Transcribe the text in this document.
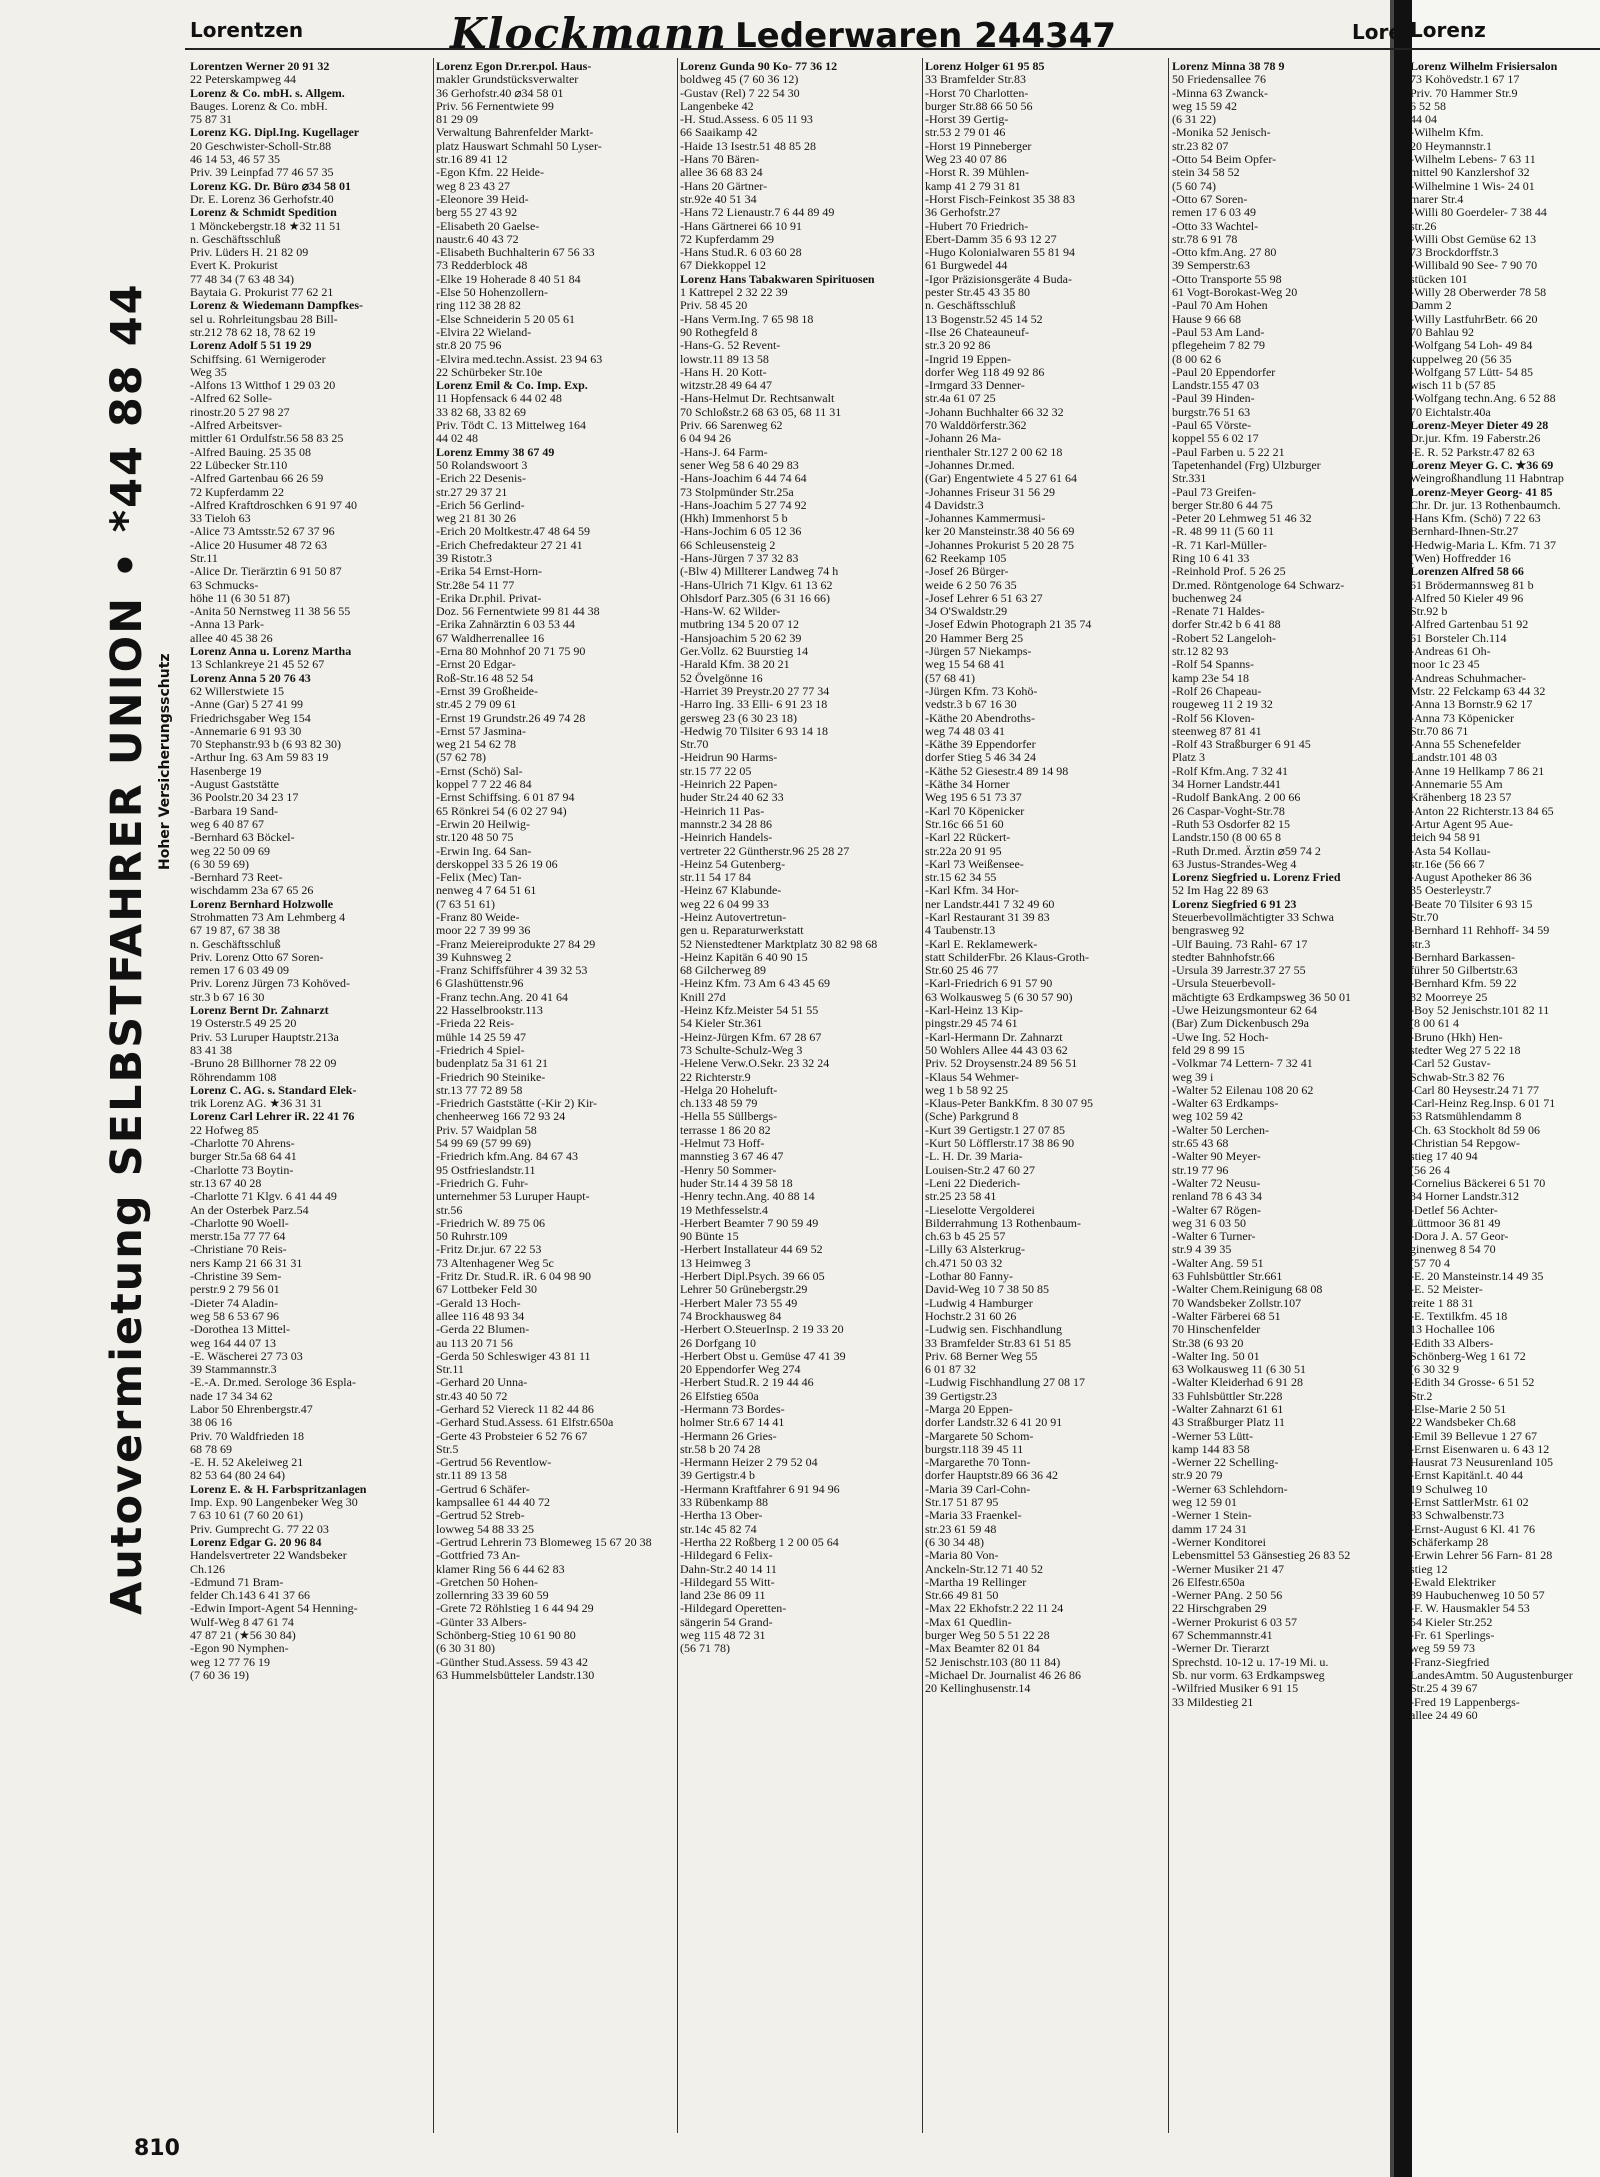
Lorentzen	Klockmann Lederwaren 244347	Lore Lorenz
Autovermietung SELBSTFAHRER UNION • *44 88 44 Hoher Versicherungsschutz
Lorentzen Werner 20 91 32
22 Peterskampweg 44
Lorenz & Co. mbH. s. Allgem.
Bauges. Lorenz & Co. mbH.
75 87 31
Lorenz KG. Dipl.Ing. Kugellager
20 Geschwister-Scholl-Str.88
46 14 53, 46 57 35
Priv. 39 Leinpfad 77 46 57 35
Lorenz KG. Dr. Büro ⌀34 58 01
Dr. E. Lorenz 36 Gerhofstr.40
Lorenz & Schmidt Spedition
1 Mönckebergstr.18 ★32 11 51
n. Geschäftsschluß
Priv. Lüders H. 21 82 09
Evert K. Prokurist
77 48 34 (7 63 48 34)
Baytaia G. Prokurist 77 62 21
Lorenz & Wiedemann Dampfkes-
sel u. Rohrleitungsbau 28 Bill-
str.212 78 62 18, 78 62 19
Lorenz Adolf 5 51 19 29
Schiffsing. 61 Wernigeroder
Weg 35
-Alfons 13 Witthof 1 29 03 20
-Alfred 62 Solle-
rinostr.20 5 27 98 27
-Alfred Arbeitsver-
mittler 61 Ordulfstr.56 58 83 25
-Alfred Bauing. 25 35 08
22 Lübecker Str.110
-Alfred Gartenbau 66 26 59
72 Kupferdamm 22
-Alfred Kraftdroschken 6 91 97 40
33 Tieloh 63
-Alice 73 Amtsstr.52 67 37 96
-Alice 20 Husumer 48 72 63
Str.11
-Alice Dr. Tierärztin 6 91 50 87
63 Schmucks-
höhe 11 (6 30 51 87)
-Anita 50 Nernstweg 11 38 56 55
-Anna 13 Park-
allee 40 45 38 26
Lorenz Anna u. Lorenz Martha
13 Schlankreye 21 45 52 67
Lorenz Anna 5 20 76 43
62 Willerstwiete 15
-Anne (Gar) 5 27 41 99
Friedrichsgaber Weg 154
-Annemarie 6 91 93 30
70 Stephanstr.93 b (6 93 82 30)
-Arthur Ing. 63 Am 59 83 19
Hasenberge 19
-August Gaststätte
36 Poolstr.20 34 23 17
-Barbara 19 Sand-
weg 6 40 87 67
-Bernhard 63 Böckel-
weg 22 50 09 69
(6 30 59 69)
-Bernhard 73 Reet-
wischdamm 23a 67 65 26
Lorenz Bernhard Holzwolle
Strohmatten 73 Am Lehmberg 4
67 19 87, 67 38 38
n. Geschäftsschluß
Priv. Lorenz Otto 67 Soren-
remen 17 6 03 49 09
Priv. Lorenz Jürgen 73 Kohöved-
str.3 b 67 16 30
Lorenz Bernt Dr. Zahnarzt
19 Osterstr.5 49 25 20
Priv. 53 Luruper Hauptstr.213a
83 41 38
-Bruno 28 Billhorner 78 22 09
Röhrendamm 108
Lorenz C. AG. s. Standard Elek-
trik Lorenz AG. ★36 31 31
Lorenz Carl Lehrer iR. 22 41 76
22 Hofweg 85
-Charlotte 70 Ahrens-
burger Str.5a 68 64 41
-Charlotte 73 Boytin-
str.13 67 40 28
-Charlotte 71 Klgv. 6 41 44 49
An der Osterbek Parz.54
-Charlotte 90 Woell-
merstr.15a 77 77 64
-Christiane 70 Reis-
ners Kamp 21 66 31 31
-Christine 39 Sem-
perstr.9 2 79 56 01
-Dieter 74 Aladin-
weg 58 6 53 67 96
-Dorothea 13 Mittel-
weg 164 44 07 13
-E. Wäscherei 27 73 03
39 Stammannstr.3
-E.-A. Dr.med. Serologe 36 Espla-
nade 17 34 34 62
Labor 50 Ehrenbergstr.47
38 06 16
Priv. 70 Waldfrieden 18
68 78 69
-E. H. 52 Akeleiweg 21
82 53 64 (80 24 64)
Lorenz E. & H. Farbspritzanlagen
Imp. Exp. 90 Langenbeker Weg 30
7 63 10 61 (7 60 20 61)
Priv. Gumprecht G. 77 22 03
Lorenz Edgar G. 20 96 84
Handelsvertreter 22 Wandsbeker
Ch.126
-Edmund 71 Bram-
felder Ch.143 6 41 37 66
-Edwin Import-Agent 54 Henning-
Wulf-Weg 8 47 61 74
47 87 21 (★56 30 84)
-Egon 90 Nymphen-
weg 12 77 76 19
(7 60 36 19)
Lorenz Egon Dr.rer.pol. Haus-
makler Grundstücksverwalter
36 Gerhofstr.40 ⌀34 58 01
Priv. 56 Fernentwiete 99
81 29 09
Verwaltung Bahrenfelder Markt-
platz Hauswart Schmahl 50 Lyser-
str.16 89 41 12
-Egon Kfm. 22 Heide-
weg 8 23 43 27
-Eleonore 39 Heid-
berg 55 27 43 92
-Elisabeth 20 Gaelse-
naustr.6 40 43 72
-Elisabeth Buchhalterin 67 56 33
73 Redderblock 48
-Elke 19 Hoherade 8 40 51 84
-Else 50 Hohenzollern-
ring 112 38 28 82
-Else Schneiderin 5 20 05 61
-Elvira 22 Wieland-
str.8 20 75 96
-Elvira med.techn.Assist. 23 94 63
22 Schürbeker Str.10e
Lorenz Emil & Co. Imp. Exp.
11 Hopfensack 6 44 02 48
33 82 68, 33 82 69
Priv. Tödt C. 13 Mittelweg 164
44 02 48
Lorenz Emmy 38 67 49
50 Rolandswoort 3
-Erich 22 Desenis-
str.27 29 37 21
-Erich 56 Gerlind-
weg 21 81 30 26
-Erich 20 Moltkestr.47 48 64 59
-Erich Chefredakteur 27 21 41
39 Ristotr.3
-Erika 54 Ernst-Horn-
Str.28e 54 11 77
-Erika Dr.phil. Privat-
Doz. 56 Fernentwiete 99 81 44 38
-Erika Zahnärztin 6 03 53 44
67 Waldherrenallee 16
-Erna 80 Mohnhof 20 71 75 90
-Ernst 20 Edgar-
Roß-Str.16 48 52 54
-Ernst 39 Großheide-
str.45 2 79 09 61
-Ernst 19 Grundstr.26 49 74 28
-Ernst 57 Jasmina-
weg 21 54 62 78
(57 62 78)
-Ernst (Schö) Sal-
koppel 7 7 22 46 84
-Ernst Schiffsing. 6 01 87 94
65 Rönkrei 54 (6 02 27 94)
-Erwin 20 Heilwig-
str.120 48 50 75
-Erwin Ing. 64 San-
derskoppel 33 5 26 19 06
-Felix (Mec) Tan-
nenweg 4 7 64 51 61
(7 63 51 61)
-Franz 80 Weide-
moor 22 7 39 99 36
-Franz Meiereiprodukte 27 84 29
39 Kuhnsweg 2
-Franz Schiffsführer 4 39 32 53
6 Glashüttenstr.96
-Franz techn.Ang. 20 41 64
22 Hasselbrookstr.113
-Frieda 22 Reis-
mühle 14 25 59 47
-Friedrich 4 Spiel-
budenplatz 5a 31 61 21
-Friedrich 90 Steinike-
str.13 77 72 89 58
-Friedrich Gaststätte (-Kir 2) Kir-
chenheerweg 166 72 93 24
Priv. 57 Waidplan 58
54 99 69 (57 99 69)
-Friedrich kfm.Ang. 84 67 43
95 Ostfrieslandstr.11
-Friedrich G. Fuhr-
unternehmer 53 Luruper Haupt-
str.56
-Friedrich W. 89 75 06
50 Ruhrstr.109
-Fritz Dr.jur. 67 22 53
73 Altenhagener Weg 5c
-Fritz Dr. Stud.R. iR. 6 04 98 90
67 Lottbeker Feld 30
-Gerald 13 Hoch-
allee 116 48 93 34
-Gerda 22 Blumen-
au 113 20 71 56
-Gerda 50 Schleswiger 43 81 11
Str.11
-Gerhard 20 Unna-
str.43 40 50 72
-Gerhard 52 Viereck 11 82 44 86
-Gerhard Stud.Assess. 61 Elfstr.650a
-Gerte 43 Probsteier 6 52 76 67
Str.5
-Gertrud 56 Reventlow-
str.11 89 13 58
-Gertrud 6 Schäfer-
kampsallee 61 44 40 72
-Gertrud 52 Streb-
lowweg 54 88 33 25
-Gertrud Lehrerin 73 Blomeweg 15 67 20 38
-Gottfried 73 An-
klamer Ring 56 6 44 62 83
-Gretchen 50 Hohen-
zollernring 33 39 60 59
-Grete 72 Röhlstieg 1 6 44 94 29
-Günter 33 Albers-
Schönberg-Stieg 10 61 90 80
(6 30 31 80)
-Günther Stud.Assess. 59 43 42
63 Hummelsbütteler Landstr.130
Lorenz Gunda 90 Ko- 77 36 12
boldweg 45 (7 60 36 12)
-Gustav (Rel) 7 22 54 30
Langenbeke 42
-H. Stud.Assess. 6 05 11 93
66 Saaikamp 42
-Haide 13 Isestr.51 48 85 28
-Hans 70 Bären-
allee 36 68 83 24
-Hans 20 Gärtner-
str.92e 40 51 34
-Hans 72 Lienaustr.7 6 44 89 49
-Hans Gärtnerei 66 10 91
72 Kupferdamm 29
-Hans Stud.R. 6 03 60 28
67 Diekkoppel 12
Lorenz Hans Tabakwaren Spirituosen
1 Kattrepel 2 32 22 39
Priv. 58 45 20
-Hans Verm.Ing. 7 65 98 18
90 Rothegfeld 8
-Hans-G. 52 Revent-
lowstr.11 89 13 58
-Hans H. 20 Kott-
witzstr.28 49 64 47
-Hans-Helmut Dr. Rechtsanwalt
70 Schloßstr.2 68 63 05, 68 11 31
Priv. 66 Sarenweg 62
6 04 94 26
-Hans-J. 64 Farm-
sener Weg 58 6 40 29 83
-Hans-Joachim 6 44 74 64
73 Stolpmünder Str.25a
-Hans-Joachim 5 27 74 92
(Hkh) Immenhorst 5 b
-Hans-Jochim 6 05 12 36
66 Schleusensteig 2
-Hans-Jürgen 7 37 32 83
(-Blw 4) Millterer Landweg 74 h
-Hans-Ulrich 71 Klgv. 61 13 62
Ohlsdorf Parz.305 (6 31 16 66)
-Hans-W. 62 Wilder-
mutbring 134 5 20 07 12
-Hansjoachim 5 20 62 39
Ger.Vollz. 62 Buurstieg 14
-Harald Kfm. 38 20 21
52 Övelgönne 16
-Harriet 39 Preystr.20 27 77 34
-Harro Ing. 33 Elli- 6 91 23 18
gersweg 23 (6 30 23 18)
-Hedwig 70 Tilsiter 6 93 14 18
Str.70
-Heidrun 90 Harms-
str.15 77 22 05
-Heinrich 22 Papen-
huder Str.24 40 62 33
-Heinrich 11 Pas-
mannstr.2 34 28 86
-Heinrich Handels-
vertreter 22 Güntherstr.96 25 28 27
-Heinz 54 Gutenberg-
str.11 54 17 84
-Heinz 67 Klabunde-
weg 22 6 04 99 33
-Heinz Autovertretun-
gen u. Reparaturwerkstatt
52 Nienstedtener Marktplatz 30 82 98 68
-Heinz Kapitän 6 40 90 15
68 Gilcherweg 89
-Heinz Kfm. 73 Am 6 43 45 69
Knill 27d
-Heinz Kfz.Meister 54 51 55
54 Kieler Str.361
-Heinz-Jürgen Kfm. 67 28 67
73 Schulte-Schulz-Weg 3
-Helene Verw.O.Sekr. 23 32 24
22 Richterstr.9
-Helga 20 Hoheluft-
ch.133 48 59 79
-Hella 55 Süllbergs-
terrasse 1 86 20 82
-Helmut 73 Hoff-
mannstieg 3 67 46 47
-Henry 50 Sommer-
huder Str.14 4 39 58 18
-Henry techn.Ang. 40 88 14
19 Methfesselstr.4
-Herbert Beamter 7 90 59 49
90 Bünte 15
-Herbert Installateur 44 69 52
13 Heimweg 3
-Herbert Dipl.Psych. 39 66 05
Lehrer 50 Grünebergstr.29
-Herbert Maler 73 55 49
74 Brockhausweg 84
-Herbert O.SteuerInsp. 2 19 33 20
26 Dorfgang 10
-Herbert Obst u. Gemüse 47 41 39
20 Eppendorfer Weg 274
-Herbert Stud.R. 2 19 44 46
26 Elfstieg 650a
-Hermann 73 Bordes-
holmer Str.6 67 14 41
-Hermann 26 Gries-
str.58 b 20 74 28
-Hermann Heizer 2 79 52 04
39 Gertigstr.4 b
-Hermann Kraftfahrer 6 91 94 96
33 Rübenkamp 88
-Hertha 13 Ober-
str.14c 45 82 74
-Hertha 22 Roßberg 1 2 00 05 64
-Hildegard 6 Felix-
Dahn-Str.2 40 14 11
-Hildegard 55 Witt-
land 23e 86 09 11
-Hildegard Operetten-
sängerin 54 Grand-
weg 115 48 72 31
(56 71 78)
Lorenz Holger 61 95 85
33 Bramfelder Str.83
-Horst 70 Charlotten-
burger Str.88 66 50 56
-Horst 39 Gertig-
str.53 2 79 01 46
-Horst 19 Pinneberger
Weg 23 40 07 86
-Horst R. 39 Mühlen-
kamp 41 2 79 31 81
-Horst Fisch-Feinkost 35 38 83
36 Gerhofstr.27
-Hubert 70 Friedrich-
Ebert-Damm 35 6 93 12 27
-Hugo Kolonialwaren 55 81 94
61 Burgwedel 44
-Igor Präzisionsgeräte 4 Buda-
pester Str.45 43 35 80
n. Geschäftsschluß
13 Bogenstr.52 45 14 52
-Ilse 26 Chateauneuf-
str.3 20 92 86
-Ingrid 19 Eppen-
dorfer Weg 118 49 92 86
-Irmgard 33 Denner-
str.4a 61 07 25
-Johann Buchhalter 66 32 32
70 Walddörferstr.362
-Johann 26 Ma-
rienthaler Str.127 2 00 62 18
-Johannes Dr.med.
(Gar) Engentwiete 4 5 27 61 64
-Johannes Friseur 31 56 29
4 Davidstr.3
-Johannes Kammermusi-
ker 20 Mansteinstr.38 40 56 69
-Johannes Prokurist 5 20 28 75
62 Reekamp 105
-Josef 26 Bürger-
weide 6 2 50 76 35
-Josef Lehrer 6 51 63 27
34 O'Swaldstr.29
-Josef Edwin Photograph 21 35 74
20 Hammer Berg 25
-Jürgen 57 Niekamps-
weg 15 54 68 41
(57 68 41)
-Jürgen Kfm. 73 Kohö-
vedstr.3 b 67 16 30
-Käthe 20 Abendroths-
weg 74 48 03 41
-Käthe 39 Eppendorfer
dorfer Stieg 5 46 34 24
-Käthe 52 Giesestr.4 89 14 98
-Käthe 34 Horner
Weg 195 6 51 73 37
-Karl 70 Köpenicker
Str.16c 66 51 60
-Karl 22 Rückert-
str.22a 20 91 95
-Karl 73 Weißensee-
str.15 62 34 55
-Karl Kfm. 34 Hor-
ner Landstr.441 7 32 49 60
-Karl Restaurant 31 39 83
4 Taubenstr.13
-Karl E. Reklamewerk-
statt SchilderFbr. 26 Klaus-Groth-
Str.60 25 46 77
-Karl-Friedrich 6 91 57 90
63 Wolkausweg 5 (6 30 57 90)
-Karl-Heinz 13 Kip-
pingstr.29 45 74 61
-Karl-Hermann Dr. Zahnarzt
50 Wohlers Allee 44 43 03 62
Priv. 52 Droysenstr.24 89 56 51
-Klaus 54 Wehmer-
weg 1 b 58 92 25
-Klaus-Peter BankKfm. 8 30 07 95
(Sche) Parkgrund 8
-Kurt 39 Gertigstr.1 27 07 85
-Kurt 50 Löfflerstr.17 38 86 90
-L. H. Dr. 39 Maria-
Louisen-Str.2 47 60 27
-Leni 22 Diederich-
str.25 23 58 41
-Lieselotte Vergolderei
Bilderrahmung 13 Rothenbaum-
ch.63 b 45 25 57
-Lilly 63 Alsterkrug-
ch.471 50 03 32
-Lothar 80 Fanny-
David-Weg 10 7 38 50 85
-Ludwig 4 Hamburger
Hochstr.2 31 60 26
-Ludwig sen. Fischhandlung
33 Bramfelder Str.83 61 51 85
Priv. 68 Berner Weg 55
6 01 87 32
-Ludwig Fischhandlung 27 08 17
39 Gertigstr.23
-Marga 20 Eppen-
dorfer Landstr.32 6 41 20 91
-Margarete 50 Schom-
burgstr.118 39 45 11
-Margarethe 70 Tonn-
dorfer Hauptstr.89 66 36 42
-Maria 39 Carl-Cohn-
Str.17 51 87 95
-Maria 33 Fraenkel-
str.23 61 59 48
(6 30 34 48)
-Maria 80 Von-
Anckeln-Str.12 71 40 52
-Martha 19 Rellinger
Str.66 49 81 50
-Max 22 Ekhofstr.2 22 11 24
-Max 61 Quedlin-
burger Weg 50 5 51 22 28
-Max Beamter 82 01 84
52 Jenischstr.103 (80 11 84)
-Michael Dr. Journalist 46 26 86
20 Kellinghusenstr.14
Lorenz Minna 38 78 9
50 Friedensallee 76
-Minna 63 Zwanck-
weg 15 59 42
(6 31 22)
-Monika 52 Jenisch-
str.23 82 07
-Otto 54 Beim Opfer-
stein 34 58 52
(5 60 74)
-Otto 67 Soren-
remen 17 6 03 49
-Otto 33 Wachtel-
str.78 6 91 78
-Otto kfm.Ang. 27 80
39 Semperstr.63
-Otto Transporte 55 98
61 Vogt-Borokast-Weg 20
-Paul 70 Am Hohen
Hause 9 66 68
-Paul 53 Am Land-
pflegeheim 7 82 79
(8 00 62 6
-Paul 20 Eppendorfer
Landstr.155 47 03
-Paul 39 Hinden-
burgstr.76 51 63
-Paul 65 Vörste-
koppel 55 6 02 17
-Paul Farben u. 5 22 21
Tapetenhandel (Frg) Ulzburger
Str.331
-Paul 73 Greifen-
berger Str.80 6 44 75
-Peter 20 Lehmweg 51 46 32
-R. 48 99 11 (5 60 11
-R. 71 Karl-Müller-
Ring 10 6 41 33
-Reinhold Prof. 5 26 25
Dr.med. Röntgenologe 64 Schwarz-
buchenweg 24
-Renate 71 Haldes-
dorfer Str.42 b 6 41 88
-Robert 52 Langeloh-
str.12 82 93
-Rolf 54 Spanns-
kamp 23e 54 18
-Rolf 26 Chapeau-
rougeweg 11 2 19 32
-Rolf 56 Kloven-
steenweg 87 81 41
-Rolf 43 Straßburger 6 91 45
Platz 3
-Rolf Kfm.Ang. 7 32 41
34 Horner Landstr.441
-Rudolf BankAng. 2 00 66
26 Caspar-Voght-Str.78
-Ruth 53 Osdorfer 82 15
Landstr.150 (8 00 65 8
-Ruth Dr.med. Ärztin ⌀59 74 2
63 Justus-Strandes-Weg 4
Lorenz Siegfried u. Lorenz Fried
52 Im Hag 22 89 63
Lorenz Siegfried 6 91 23
Steuerbevollmächtigter 33 Schwa
bengrasweg 92
-Ulf Bauing. 73 Rahl- 67 17
stedter Bahnhofstr.66
-Ursula 39 Jarrestr.37 27 55
-Ursula Steuerbevoll-
mächtigte 63 Erdkampsweg 36 50 01
-Uwe Heizungsmonteur 62 64
(Bar) Zum Dickenbusch 29a
-Uwe Ing. 52 Hoch-
feld 29 8 99 15
-Volkmar 74 Lettern- 7 32 41
weg 39 i
-Walter 52 Eilenau 108 20 62
-Walter 63 Erdkamps-
weg 102 59 42
-Walter 50 Lerchen-
str.65 43 68
-Walter 90 Meyer-
str.19 77 96
-Walter 72 Neusu-
renland 78 6 43 34
-Walter 67 Rögen-
weg 31 6 03 50
-Walter 6 Turner-
str.9 4 39 35
-Walter Ang. 59 51
63 Fuhlsbüttler Str.661
-Walter Chem.Reinigung 68 08
70 Wandsbeker Zollstr.107
-Walter Färberei 68 51
70 Hinschenfelder
Str.38 (6 93 20
-Walter Ing. 50 01
63 Wolkausweg 11 (6 30 51
-Walter Kleiderhad 6 91 28
33 Fuhlsbüttler Str.228
-Walter Zahnarzt 61 61
43 Straßburger Platz 11
-Werner 53 Lütt-
kamp 144 83 58
-Werner 22 Schelling-
str.9 20 79
-Werner 63 Schlehdorn-
weg 12 59 01
-Werner 1 Stein-
damm 17 24 31
-Werner Konditorei
Lebensmittel 53 Gänsestieg 26 83 52
-Werner Musiker 21 47
26 Elfestr.650a
-Werner PAng. 2 50 56
22 Hirschgraben 29
-Werner Prokurist 6 03 57
67 Schemmannstr.41
-Werner Dr. Tierarzt
Sprechstd. 10-12 u. 17-19 Mi. u.
Sb. nur vorm. 63 Erdkampsweg
-Wilfried Musiker 6 91 15
33 Mildestieg 21
Lorenz Wilhelm Frisiersalon
73 Kohövedstr.1 67 17
Priv. 70 Hammer Str.9
6 52 58
44 04
-Wilhelm Kfm.
20 Heymannstr.1
-Wilhelm Lebens- 7 63 11
mittel 90 Kanzlershof 32
-Wilhelmine 1 Wis- 24 01
marer Str.4
-Willi 80 Goerdeler- 7 38 44
str.26
-Willi Obst Gemüse 62 13
73 Brockdorffstr.3
-Willibald 90 See- 7 90 70
stücken 101
-Willy 28 Oberwerder 78 58
Damm 2
-Willy LastfuhrBetr. 66 20
70 Bahlau 92
-Wolfgang 54 Loh- 49 84
kuppelweg 20 (56 35
-Wolfgang 57 Lütt- 54 85
wisch 11 b (57 85
-Wolfgang techn.Ang. 6 52 88
70 Eichtalstr.40a
Lorenz-Meyer Dieter 49 28
Dr.jur. Kfm. 19 Faberstr.26
-E. R. 52 Parkstr.47 82 63
Lorenz Meyer G. C. ★36 69
Weingroßhandlung 11 Habntrap
Lorenz-Meyer Georg- 41 85
Chr. Dr. jur. 13 Rothenbaumch.
-Hans Kfm. (Schö) 7 22 63
Bernhard-Ihnen-Str.27
-Hedwig-Maria L. Kfm. 71 37
(Wen) Hoffredder 16
Lorenzen Alfred 58 66
61 Brödermannsweg 81 b
-Alfred 50 Kieler 49 96
Str.92 b
-Alfred Gartenbau 51 92
61 Borsteler Ch.114
-Andreas 61 Oh-
moor 1c 23 45
-Andreas Schuhmacher-
Mstr. 22 Felckamp 63 44 32
-Anna 13 Bornstr.9 62 17
-Anna 73 Köpenicker
Str.70 86 71
-Anna 55 Schenefelder
Landstr.101 48 03
-Anne 19 Hellkamp 7 86 21
-Annemarie 55 Am
Krähenberg 18 23 57
-Anton 22 Richterstr.13 84 65
-Artur Agent 95 Aue-
deich 94 58 91
-Asta 54 Kollau-
str.16e (56 66 7
-August Apotheker 86 36
35 Oesterleystr.7
-Beate 70 Tilsiter 6 93 15
Str.70
-Bernhard 11 Rehhoff- 34 59
str.3
-Bernhard Barkassen-
führer 50 Gilbertstr.63
-Bernhard Kfm. 59 22
82 Moorreye 25
-Boy 52 Jenischstr.101 82 11
(8 00 61 4
-Bruno (Hkh) Hen-
stedter Weg 27 5 22 18
-Carl 52 Gustav-
Schwab-Str.3 82 76
-Carl 80 Heysestr.24 71 77
-Carl-Heinz Reg.Insp. 6 01 71
63 Ratsmühlendamm 8
-Ch. 63 Stockholt 8d 59 06
-Christian 54 Repgow-
stieg 17 40 94
(56 26 4
-Cornelius Bäckerei 6 51 70
34 Horner Landstr.312
-Detlef 56 Achter-
Lüttmoor 36 81 49
-Dora J. A. 57 Geor-
ginenweg 8 54 70
(57 70 4
-E. 20 Mansteinstr.14 49 35
-E. 52 Meister-
treite 1 88 31
-E. Textilkfm. 45 18
13 Hochallee 106
-Edith 33 Albers-
Schönberg-Weg 1 61 72
(6 30 32 9
-Edith 34 Grosse- 6 51 52
Str.2
-Else-Marie 2 50 51
22 Wandsbeker Ch.68
-Emil 39 Bellevue 1 27 67
-Ernst Eisenwaren u. 6 43 12
Hausrat 73 Neusurenland 105
-Ernst Kapitänl.t. 40 44
19 Schulweg 10
-Ernst SattlerMstr. 61 02
33 Schwalbenstr.73
-Ernst-August 6 Kl. 41 76
Schäferkamp 28
-Erwin Lehrer 56 Farn- 81 28
stieg 12
-Ewald Elektriker
39 Haubuchenweg 10 50 57
-F. W. Hausmakler 54 53
54 Kieler Str.252
-Fr. 61 Sperlings-
weg 59 59 73
-Franz-Siegfried
LandesAmtm. 50 Augustenburger
Str.25 4 39 67
-Fred 19 Lappenbergs-
allee 24 49 60
810
